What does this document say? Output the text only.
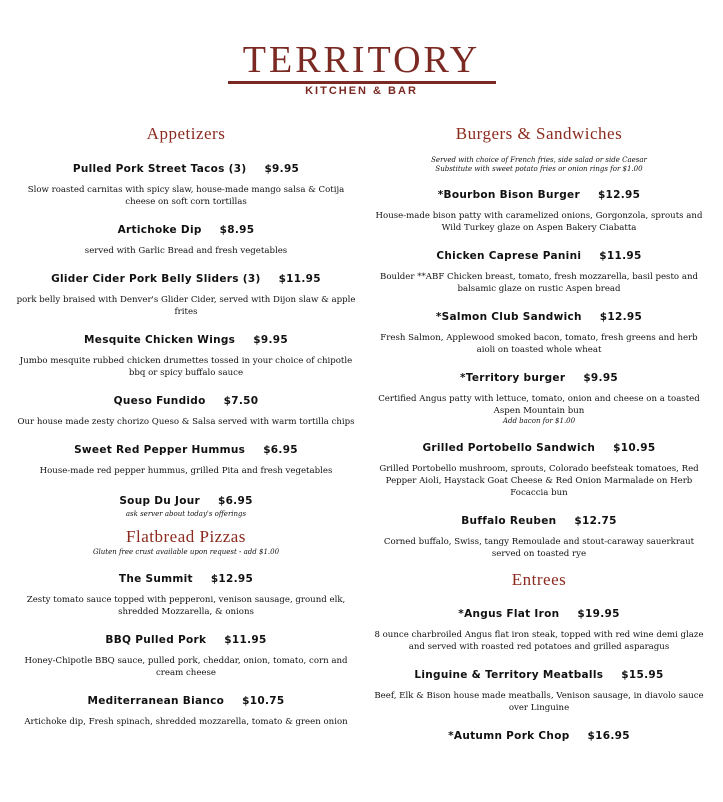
TERRITORY
KITCHEN & BAR
Appetizers
Pulled Pork Street Tacos (3) $9.95
Slow roasted carnitas with spicy slaw, house-made mango salsa & Cotija cheese on soft corn tortillas
Artichoke Dip $8.95
served with Garlic Bread and fresh vegetables
Glider Cider Pork Belly Sliders (3) $11.95
pork belly braised with Denver's Glider Cider, served with Dijon slaw & apple frites
Mesquite Chicken Wings $9.95
Jumbo mesquite rubbed chicken drumettes tossed in your choice of chipotle bbq or spicy buffalo sauce
Queso Fundido $7.50
Our house made zesty chorizo Queso & Salsa served with warm tortilla chips
Sweet Red Pepper Hummus $6.95
House-made red pepper hummus, grilled Pita and fresh vegetables
Soup Du Jour $6.95
ask server about today's offerings
Flatbread Pizzas
Gluten free crust available upon request - add $1.00
The Summit $12.95
Zesty tomato sauce topped with pepperoni, venison sausage, ground elk, shredded Mozzarella, & onions
BBQ Pulled Pork $11.95
Honey-Chipotle BBQ sauce, pulled pork, cheddar, onion, tomato, corn and cream cheese
Mediterranean Bianco $10.75
Artichoke dip, Fresh spinach, shredded mozzarella, tomato & green onion
Burgers & Sandwiches
Served with choice of French fries, side salad or side Caesar
Substitute with sweet potato fries or onion rings for $1.00
*Bourbon Bison Burger $12.95
House-made bison patty with caramelized onions, Gorgonzola, sprouts and Wild Turkey glaze on Aspen Bakery Ciabatta
Chicken Caprese Panini $11.95
Boulder **ABF Chicken breast, tomato, fresh mozzarella, basil pesto and balsamic glaze on rustic Aspen bread
*Salmon Club Sandwich $12.95
Fresh Salmon, Applewood smoked bacon, tomato, fresh greens and herb aioli on toasted whole wheat
*Territory burger $9.95
Certified Angus patty with lettuce, tomato, onion and cheese on a toasted Aspen Mountain bun
Add bacon for $1.00
Grilled Portobello Sandwich $10.95
Grilled Portobello mushroom, sprouts, Colorado beefsteak tomatoes, Red Pepper Aioli, Haystack Goat Cheese & Red Onion Marmalade on Herb Focaccia bun
Buffalo Reuben $12.75
Corned buffalo, Swiss, tangy Remoulade and stout-caraway sauerkraut served on toasted rye
Entrees
*Angus Flat Iron $19.95
8 ounce charbroiled Angus flat iron steak, topped with red wine demi glaze and served with roasted red potatoes and grilled asparagus
Linguine & Territory Meatballs $15.95
Beef, Elk & Bison house made meatballs, Venison sausage, in diavolo sauce over Linguine
*Autumn Pork Chop $16.95
